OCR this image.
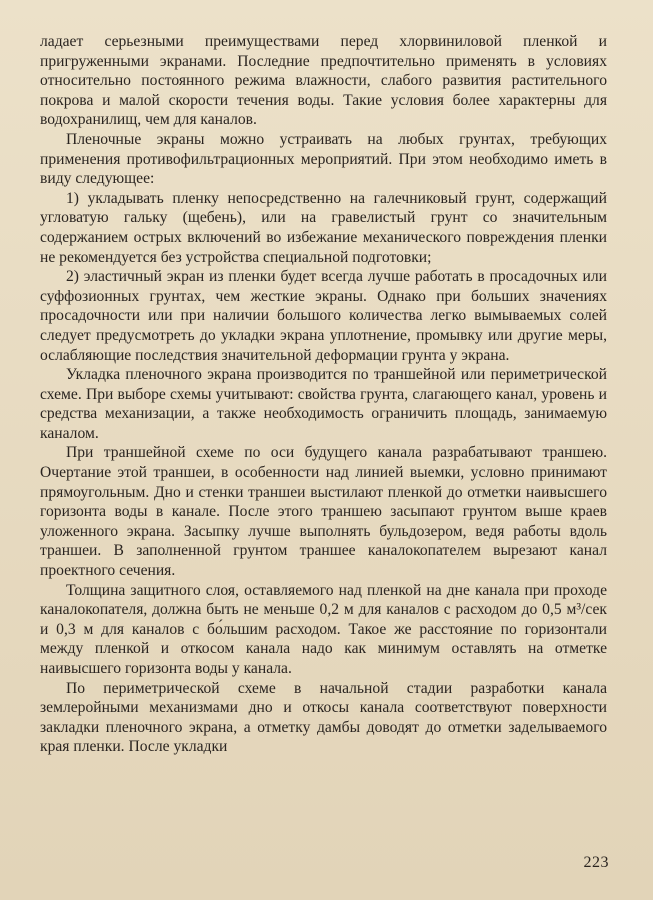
ладает серьезными преимуществами перед хлорвиниловой пленкой и пригруженными экранами. Последние предпочтительно применять в условиях относительно постоянного режима влажности, слабого развития растительного покрова и малой скорости течения воды. Такие условия более характерны для водохранилищ, чем для каналов.

Пленочные экраны можно устраивать на любых грунтах, требующих применения противофильтрационных мероприятий. При этом необходимо иметь в виду следующее:

1) укладывать пленку непосредственно на галечниковый грунт, содержащий угловатую гальку (щебень), или на гравелистый грунт со значительным содержанием острых включений во избежание механического повреждения пленки не рекомендуется без устройства специальной подготовки;

2) эластичный экран из пленки будет всегда лучше работать в просадочных или суффозионных грунтах, чем жесткие экраны. Однако при больших значениях просадочности или при наличии большого количества легко вымываемых солей следует предусмотреть до укладки экрана уплотнение, промывку или другие меры, ослабляющие последствия значительной деформации грунта у экрана.

Укладка пленочного экрана производится по траншейной или периметрической схеме. При выборе схемы учитывают: свойства грунта, слагающего канал, уровень и средства механизации, а также необходимость ограничить площадь, занимаемую каналом.

При траншейной схеме по оси будущего канала разрабатывают траншею. Очертание этой траншеи, в особенности над линией выемки, условно принимают прямоугольным. Дно и стенки траншеи выстилают пленкой до отметки наивысшего горизонта воды в канале. После этого траншею засыпают грунтом выше краев уложенного экрана. Засыпку лучше выполнять бульдозером, ведя работы вдоль траншеи. В заполненной грунтом траншее каналокопателем вырезают канал проектного сечения.

Толщина защитного слоя, оставляемого над пленкой на дне канала при проходе каналокопателя, должна быть не меньше 0,2 м для каналов с расходом до 0,5 м³/сек и 0,3 м для каналов с бо́льшим расходом. Такое же расстояние по горизонтали между пленкой и откосом канала надо как минимум оставлять на отметке наивысшего горизонта воды у канала.

По периметрической схеме в начальной стадии разработки канала землеройными механизмами дно и откосы канала соответствуют поверхности закладки пленочного экрана, а отметку дамбы доводят до отметки заделываемого края пленки. После укладки

223
